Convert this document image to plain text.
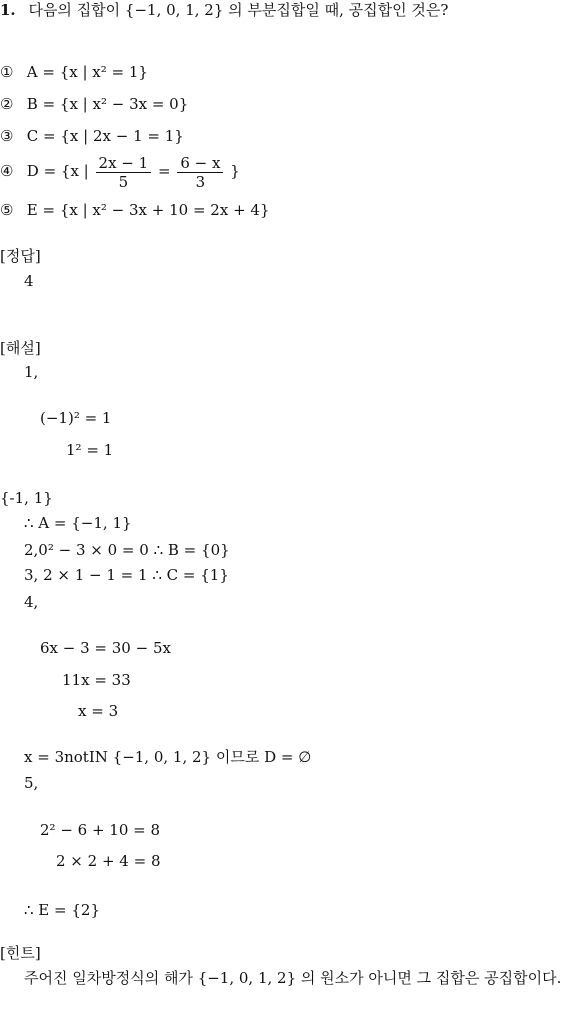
1. 다음의 집합이 {−1, 0, 1, 2} 의 부분집합일 때, 공집합인 것은?
① A = {x | x² = 1}
② B = {x | x² − 3x = 0}
③ C = {x | 2x − 1 = 1}
④ D = {x | $\frac{2x - 1}{5} = \frac{6 - x}{3}$ }
⑤ E = {x | x² − 3x + 10 = 2x + 4}
[정답]
4
[해설]
1,
(−1)² = 1
1² = 1
{-1, 1}
∴ A = {−1, 1}
2,0² − 3 × 0 = 0 ∴ B = {0}
3, 2 × 1 − 1 = 1 ∴ C = {1}
4,
6x − 3 = 30 − 5x
11x = 33
x = 3
x = 3notIN {−1, 0, 1, 2} 이므로 D = ∅
5,
2² − 6 + 10 = 8
2 × 2 + 4 = 8
∴ E = {2}
[힌트]
주어진 일차방정식의 해가 {−1, 0, 1, 2} 의 원소가 아니면 그 집합은 공집합이다.
